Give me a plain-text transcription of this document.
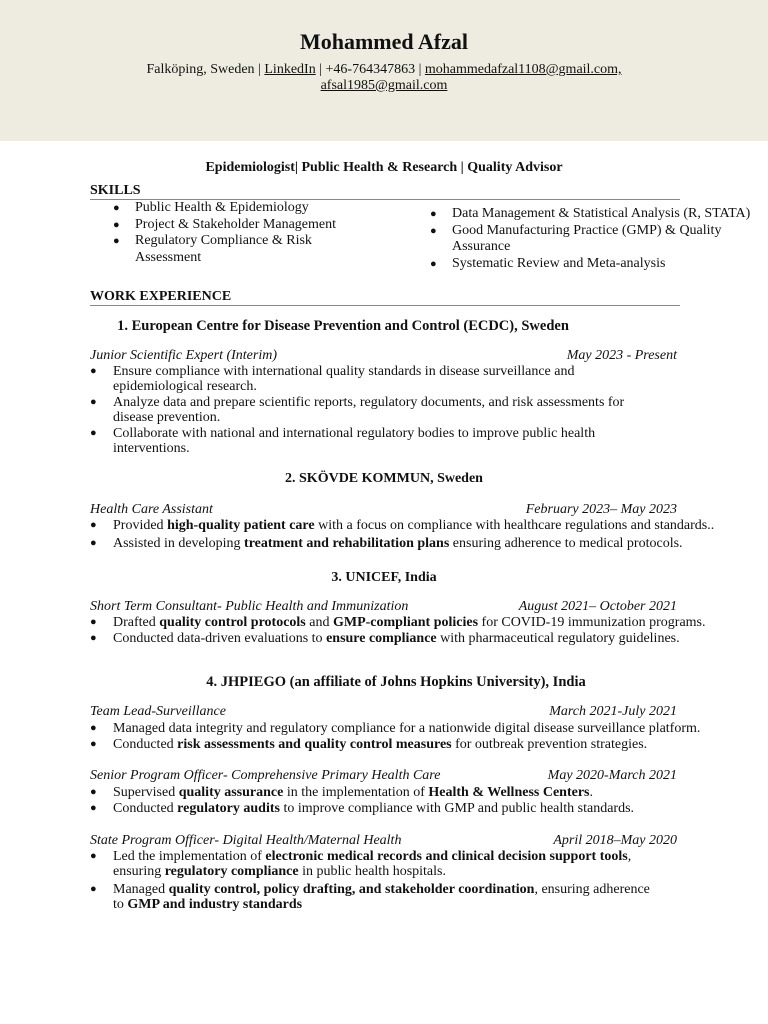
Mohammed Afzal
Falköping, Sweden | LinkedIn | +46-764347863 | mohammedafzal1108@gmail.com,
afsal1985@gmail.com
Epidemiologist| Public Health & Research | Quality Advisor
SKILLS
● Public Health & Epidemiology
● Project & Stakeholder Management
● Regulatory Compliance & Risk Assessment
● Data Management & Statistical Analysis (R, STATA)
● Good Manufacturing Practice (GMP) & Quality Assurance
● Systematic Review and Meta-analysis
WORK EXPERIENCE
1. European Centre for Disease Prevention and Control (ECDC), Sweden
Junior Scientific Expert (Interim)	May 2023 - Present
● Ensure compliance with international quality standards in disease surveillance and epidemiological research.
● Analyze data and prepare scientific reports, regulatory documents, and risk assessments for disease prevention.
● Collaborate with national and international regulatory bodies to improve public health interventions.
2. SKÖVDE KOMMUN, Sweden
Health Care Assistant	February 2023– May 2023
● Provided high-quality patient care with a focus on compliance with healthcare regulations and standards..
● Assisted in developing treatment and rehabilitation plans ensuring adherence to medical protocols.
3. UNICEF, India
Short Term Consultant- Public Health and Immunization	August 2021– October 2021
● Drafted quality control protocols and GMP-compliant policies for COVID-19 immunization programs.
● Conducted data-driven evaluations to ensure compliance with pharmaceutical regulatory guidelines.
4. JHPIEGO (an affiliate of Johns Hopkins University), India
Team Lead-Surveillance	March 2021-July 2021
● Managed data integrity and regulatory compliance for a nationwide digital disease surveillance platform.
● Conducted risk assessments and quality control measures for outbreak prevention strategies.
Senior Program Officer- Comprehensive Primary Health Care	May 2020-March 2021
● Supervised quality assurance in the implementation of Health & Wellness Centers.
● Conducted regulatory audits to improve compliance with GMP and public health standards.
State Program Officer- Digital Health/Maternal Health	April 2018–May 2020
● Led the implementation of electronic medical records and clinical decision support tools, ensuring regulatory compliance in public health hospitals.
● Managed quality control, policy drafting, and stakeholder coordination, ensuring adherence to GMP and industry standards
